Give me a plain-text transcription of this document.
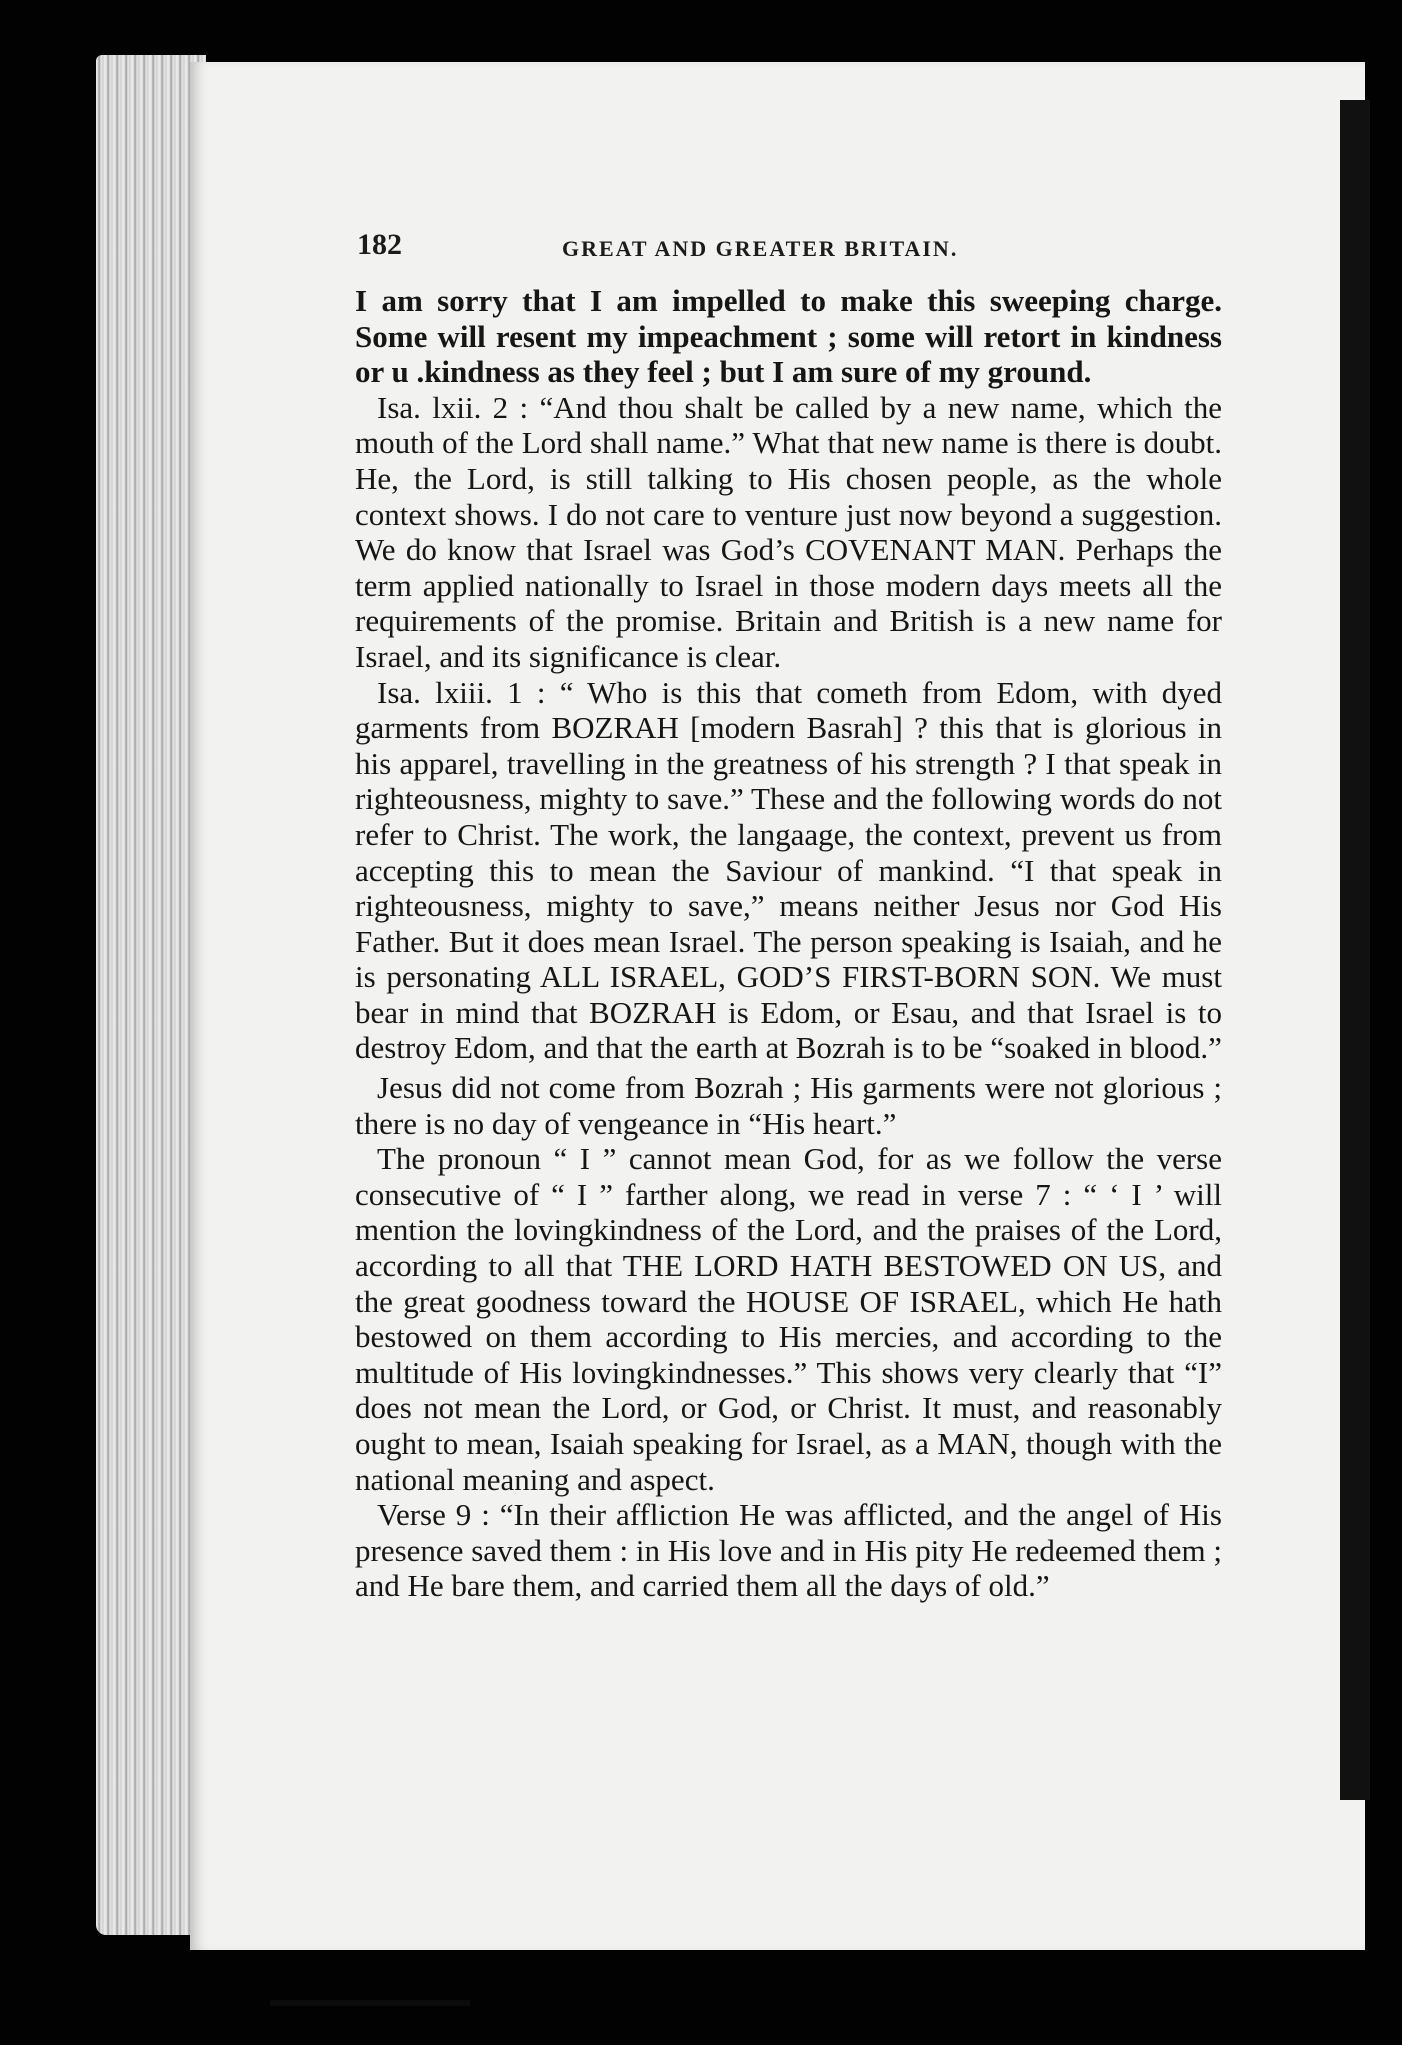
182	GREAT AND GREATER BRITAIN.

I am sorry that I am impelled to make this sweeping charge. Some will resent my impeachment ; some will retort in kindness or u .kindness as they feel ; but I am sure of my ground.

Isa. lxii. 2 : “And thou shalt be called by a new name, which the mouth of the Lord shall name.” What that new name is there is doubt. He, the Lord, is still talking to His chosen people, as the whole context shows. I do not care to venture just now beyond a suggestion. We do know that Israel was God’s COVENANT MAN. Perhaps the term applied nationally to Israel in those modern days meets all the requirements of the promise. Britain and British is a new name for Israel, and its significance is clear.

Isa. lxiii. 1 : “ Who is this that cometh from Edom, with dyed garments from BOZRAH [modern Basrah] ? this that is glorious in his apparel, travelling in the greatness of his strength ? I that speak in righteousness, mighty to save.” These and the following words do not refer to Christ. The work, the langaage, the context, prevent us from accepting this to mean the Saviour of mankind. “I that speak in righteousness, mighty to save,” means neither Jesus nor God His Father. But it does mean Israel. The person speaking is Isaiah, and he is personating ALL ISRAEL, GOD’S FIRST-BORN SON. We must bear in mind that BOZRAH is Edom, or Esau, and that Israel is to destroy Edom, and that the earth at Bozrah is to be “soaked in blood.”

Jesus did not come from Bozrah ; His garments were not glorious ; there is no day of vengeance in “His heart.”

The pronoun “ I ” cannot mean God, for as we follow the verse consecutive of “ I ” farther along, we read in verse 7 : “ ‘ I ’ will mention the lovingkindness of the Lord, and the praises of the Lord, according to all that THE LORD HATH BESTOWED ON US, and the great goodness toward the HOUSE OF ISRAEL, which He hath bestowed on them according to His mercies, and according to the multitude of His lovingkindnesses.” This shows very clearly that “I” does not mean the Lord, or God, or Christ. It must, and reasonably ought to mean, Isaiah speaking for Israel, as a MAN, though with the national meaning and aspect.

Verse 9 : “In their affliction He was afflicted, and the angel of His presence saved them : in His love and in His pity He redeemed them ; and He bare them, and carried them all the days of old.”
